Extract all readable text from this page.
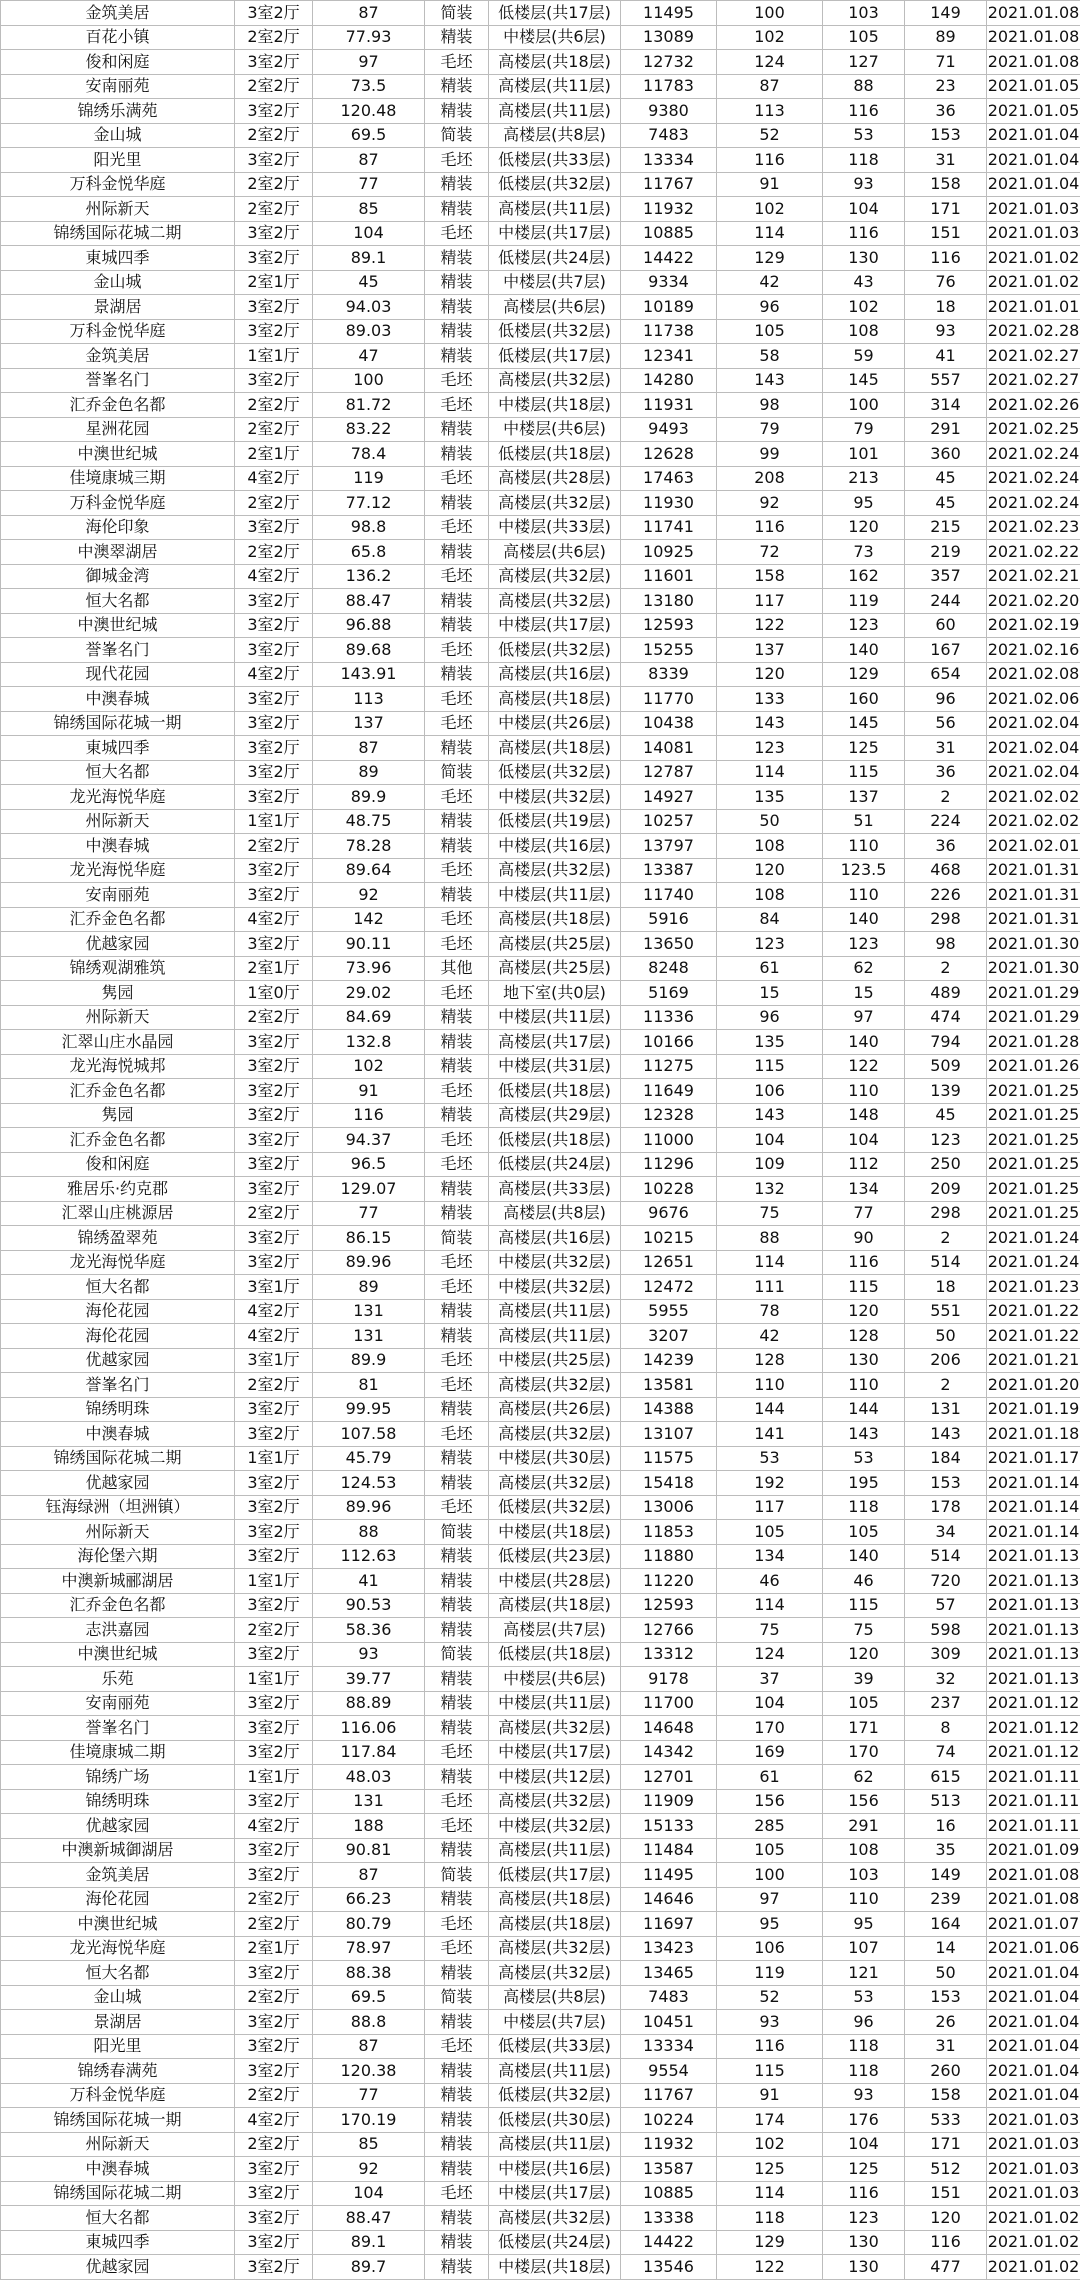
金筑美居	3室2厅	87	简装	低楼层(共17层)	11495	100	103	149	2021.01.08
百花小镇	2室2厅	77.93	精装	中楼层(共6层)	13089	102	105	89	2021.01.08
俊和闲庭	3室2厅	97	毛坯	高楼层(共18层)	12732	124	127	71	2021.01.08
安南丽苑	2室2厅	73.5	精装	高楼层(共11层)	11783	87	88	23	2021.01.05
锦绣乐满苑	3室2厅	120.48	精装	高楼层(共11层)	9380	113	116	36	2021.01.05
金山城	2室2厅	69.5	简装	高楼层(共8层)	7483	52	53	153	2021.01.04
阳光里	3室2厅	87	毛坯	低楼层(共33层)	13334	116	118	31	2021.01.04
万科金悦华庭	2室2厅	77	精装	低楼层(共32层)	11767	91	93	158	2021.01.04
州际新天	2室2厅	85	精装	高楼层(共11层)	11932	102	104	171	2021.01.03
锦绣国际花城二期	3室2厅	104	毛坯	中楼层(共17层)	10885	114	116	151	2021.01.03
東城四季	3室2厅	89.1	精装	低楼层(共24层)	14422	129	130	116	2021.01.02
金山城	2室1厅	45	精装	中楼层(共7层)	9334	42	43	76	2021.01.02
景湖居	3室2厅	94.03	精装	高楼层(共6层)	10189	96	102	18	2021.01.01
万科金悦华庭	3室2厅	89.03	精装	低楼层(共32层)	11738	105	108	93	2021.02.28
金筑美居	1室1厅	47	精装	低楼层(共17层)	12341	58	59	41	2021.02.27
誉峯名门	3室2厅	100	毛坯	高楼层(共32层)	14280	143	145	557	2021.02.27
汇乔金色名都	2室2厅	81.72	毛坯	中楼层(共18层)	11931	98	100	314	2021.02.26
星洲花园	2室2厅	83.22	精装	中楼层(共6层)	9493	79	79	291	2021.02.25
中澳世纪城	2室1厅	78.4	精装	低楼层(共18层)	12628	99	101	360	2021.02.24
佳境康城三期	4室2厅	119	毛坯	高楼层(共28层)	17463	208	213	45	2021.02.24
万科金悦华庭	2室2厅	77.12	精装	高楼层(共32层)	11930	92	95	45	2021.02.24
海伦印象	3室2厅	98.8	毛坯	中楼层(共33层)	11741	116	120	215	2021.02.23
中澳翠湖居	2室2厅	65.8	精装	高楼层(共6层)	10925	72	73	219	2021.02.22
御城金湾	4室2厅	136.2	毛坯	高楼层(共32层)	11601	158	162	357	2021.02.21
恒大名都	3室2厅	88.47	精装	高楼层(共32层)	13180	117	119	244	2021.02.20
中澳世纪城	3室2厅	96.88	精装	中楼层(共17层)	12593	122	123	60	2021.02.19
誉峯名门	3室2厅	89.68	毛坯	低楼层(共32层)	15255	137	140	167	2021.02.16
现代花园	4室2厅	143.91	精装	高楼层(共16层)	8339	120	129	654	2021.02.08
中澳春城	3室2厅	113	毛坯	高楼层(共18层)	11770	133	160	96	2021.02.06
锦绣国际花城一期	3室2厅	137	毛坯	中楼层(共26层)	10438	143	145	56	2021.02.04
東城四季	3室2厅	87	精装	高楼层(共18层)	14081	123	125	31	2021.02.04
恒大名都	3室2厅	89	简装	低楼层(共32层)	12787	114	115	36	2021.02.04
龙光海悦华庭	3室2厅	89.9	毛坯	中楼层(共32层)	14927	135	137	2	2021.02.02
州际新天	1室1厅	48.75	精装	低楼层(共19层)	10257	50	51	224	2021.02.02
中澳春城	2室2厅	78.28	精装	中楼层(共16层)	13797	108	110	36	2021.02.01
龙光海悦华庭	3室2厅	89.64	毛坯	高楼层(共32层)	13387	120	123.5	468	2021.01.31
安南丽苑	3室2厅	92	精装	中楼层(共11层)	11740	108	110	226	2021.01.31
汇乔金色名都	4室2厅	142	毛坯	高楼层(共18层)	5916	84	140	298	2021.01.31
优越家园	3室2厅	90.11	毛坯	高楼层(共25层)	13650	123	123	98	2021.01.30
锦绣观湖雅筑	2室1厅	73.96	其他	高楼层(共25层)	8248	61	62	2	2021.01.30
隽园	1室0厅	29.02	毛坯	地下室(共0层)	5169	15	15	489	2021.01.29
州际新天	2室2厅	84.69	精装	中楼层(共11层)	11336	96	97	474	2021.01.29
汇翠山庄水晶园	3室2厅	132.8	精装	高楼层(共17层)	10166	135	140	794	2021.01.28
龙光海悦城邦	3室2厅	102	精装	中楼层(共31层)	11275	115	122	509	2021.01.26
汇乔金色名都	3室2厅	91	毛坯	低楼层(共18层)	11649	106	110	139	2021.01.25
隽园	3室2厅	116	精装	高楼层(共29层)	12328	143	148	45	2021.01.25
汇乔金色名都	3室2厅	94.37	毛坯	低楼层(共18层)	11000	104	104	123	2021.01.25
俊和闲庭	3室2厅	96.5	毛坯	低楼层(共24层)	11296	109	112	250	2021.01.25
雅居乐·约克郡	3室2厅	129.07	精装	高楼层(共33层)	10228	132	134	209	2021.01.25
汇翠山庄桃源居	2室2厅	77	精装	高楼层(共8层)	9676	75	77	298	2021.01.25
锦绣盈翠苑	3室2厅	86.15	简装	高楼层(共16层)	10215	88	90	2	2021.01.24
龙光海悦华庭	3室2厅	89.96	毛坯	中楼层(共32层)	12651	114	116	514	2021.01.24
恒大名都	3室1厅	89	毛坯	中楼层(共32层)	12472	111	115	18	2021.01.23
海伦花园	4室2厅	131	精装	高楼层(共11层)	5955	78	120	551	2021.01.22
海伦花园	4室2厅	131	精装	高楼层(共11层)	3207	42	128	50	2021.01.22
优越家园	3室1厅	89.9	毛坯	中楼层(共25层)	14239	128	130	206	2021.01.21
誉峯名门	2室2厅	81	毛坯	高楼层(共32层)	13581	110	110	2	2021.01.20
锦绣明珠	3室2厅	99.95	精装	高楼层(共26层)	14388	144	144	131	2021.01.19
中澳春城	3室2厅	107.58	毛坯	高楼层(共32层)	13107	141	143	143	2021.01.18
锦绣国际花城二期	1室1厅	45.79	精装	中楼层(共30层)	11575	53	53	184	2021.01.17
优越家园	3室2厅	124.53	精装	高楼层(共32层)	15418	192	195	153	2021.01.14
钰海绿洲（坦洲镇）	3室2厅	89.96	毛坯	低楼层(共32层)	13006	117	118	178	2021.01.14
州际新天	3室2厅	88	简装	中楼层(共18层)	11853	105	105	34	2021.01.14
海伦堡六期	3室2厅	112.63	精装	低楼层(共23层)	11880	134	140	514	2021.01.13
中澳新城郦湖居	1室1厅	41	精装	中楼层(共28层)	11220	46	46	720	2021.01.13
汇乔金色名都	3室2厅	90.53	精装	高楼层(共18层)	12593	114	115	57	2021.01.13
志洪嘉园	2室2厅	58.36	精装	高楼层(共7层)	12766	75	75	598	2021.01.13
中澳世纪城	3室2厅	93	简装	低楼层(共18层)	13312	124	120	309	2021.01.13
乐苑	1室1厅	39.77	精装	中楼层(共6层)	9178	37	39	32	2021.01.13
安南丽苑	3室2厅	88.89	精装	中楼层(共11层)	11700	104	105	237	2021.01.12
誉峯名门	3室2厅	116.06	精装	高楼层(共32层)	14648	170	171	8	2021.01.12
佳境康城二期	3室2厅	117.84	毛坯	中楼层(共17层)	14342	169	170	74	2021.01.12
锦绣广场	1室1厅	48.03	精装	中楼层(共12层)	12701	61	62	615	2021.01.11
锦绣明珠	3室2厅	131	毛坯	高楼层(共32层)	11909	156	156	513	2021.01.11
优越家园	4室2厅	188	毛坯	中楼层(共32层)	15133	285	291	16	2021.01.11
中澳新城御湖居	3室2厅	90.81	精装	高楼层(共11层)	11484	105	108	35	2021.01.09
金筑美居	3室2厅	87	简装	低楼层(共17层)	11495	100	103	149	2021.01.08
海伦花园	2室2厅	66.23	精装	高楼层(共18层)	14646	97	110	239	2021.01.08
中澳世纪城	2室2厅	80.79	毛坯	高楼层(共18层)	11697	95	95	164	2021.01.07
龙光海悦华庭	2室1厅	78.97	毛坯	高楼层(共32层)	13423	106	107	14	2021.01.06
恒大名都	3室2厅	88.38	精装	高楼层(共32层)	13465	119	121	50	2021.01.04
金山城	2室2厅	69.5	简装	高楼层(共8层)	7483	52	53	153	2021.01.04
景湖居	3室2厅	88.8	精装	中楼层(共7层)	10451	93	96	26	2021.01.04
阳光里	3室2厅	87	毛坯	低楼层(共33层)	13334	116	118	31	2021.01.04
锦绣春满苑	3室2厅	120.38	精装	高楼层(共11层)	9554	115	118	260	2021.01.04
万科金悦华庭	2室2厅	77	精装	低楼层(共32层)	11767	91	93	158	2021.01.04
锦绣国际花城一期	4室2厅	170.19	精装	低楼层(共30层)	10224	174	176	533	2021.01.03
州际新天	2室2厅	85	精装	高楼层(共11层)	11932	102	104	171	2021.01.03
中澳春城	3室2厅	92	精装	中楼层(共16层)	13587	125	125	512	2021.01.03
锦绣国际花城二期	3室2厅	104	毛坯	中楼层(共17层)	10885	114	116	151	2021.01.03
恒大名都	3室2厅	88.47	精装	高楼层(共32层)	13338	118	123	120	2021.01.02
東城四季	3室2厅	89.1	精装	低楼层(共24层)	14422	129	130	116	2021.01.02
优越家园	3室2厅	89.7	精装	中楼层(共18层)	13546	122	130	477	2021.01.02
